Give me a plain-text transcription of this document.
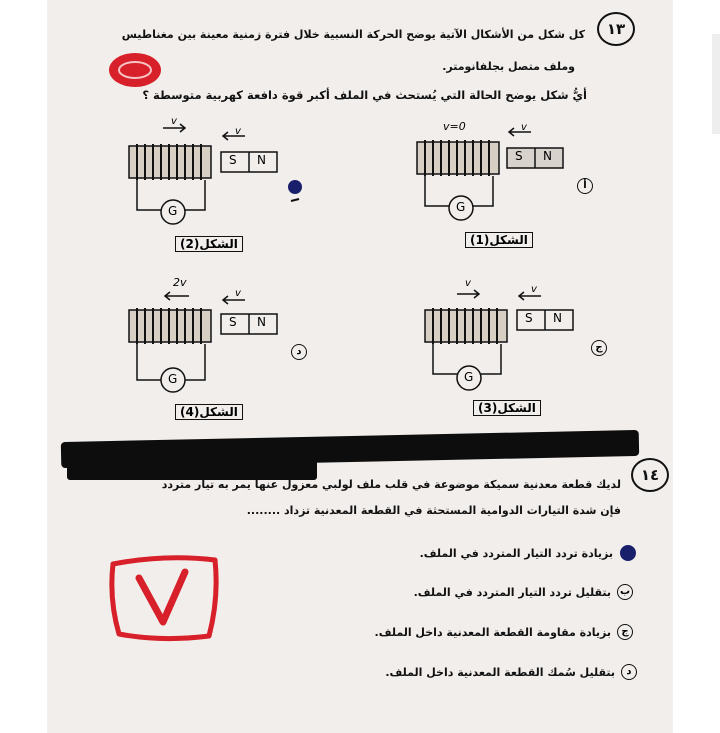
١٣
كل شكل من الأشكال الآتية يوضح الحركة النسبية خلال فترة زمنية معينة بين مغناطيس
وملف متصل بجلفانومتر.
أيُّ شكل يوضح الحالة التي يُستحث في الملف أكبر قوة دافعة كهربية متوسطة ؟
v
v
S N
G
الشكل(2)
v=0	v
S N
G
الشكل(1)
أ
2v
v
S N
G
الشكل(4)
د
v
v
S N
G
الشكل(3)
ج
١٤
لديك قطعة معدنية سميكة موضوعة في قلب ملف لولبي معزول عنها يمر به تيار متردد
فإن شدة التيارات الدوامية المستحثة في القطعة المعدنية تزداد ........
بزيادة تردد التيار المتردد في الملف.
ب
بتقليل تردد التيار المتردد في الملف.
ج
بزيادة مقاومة القطعة المعدنية داخل الملف.
د
بتقليل سُمك القطعة المعدنية داخل الملف.
